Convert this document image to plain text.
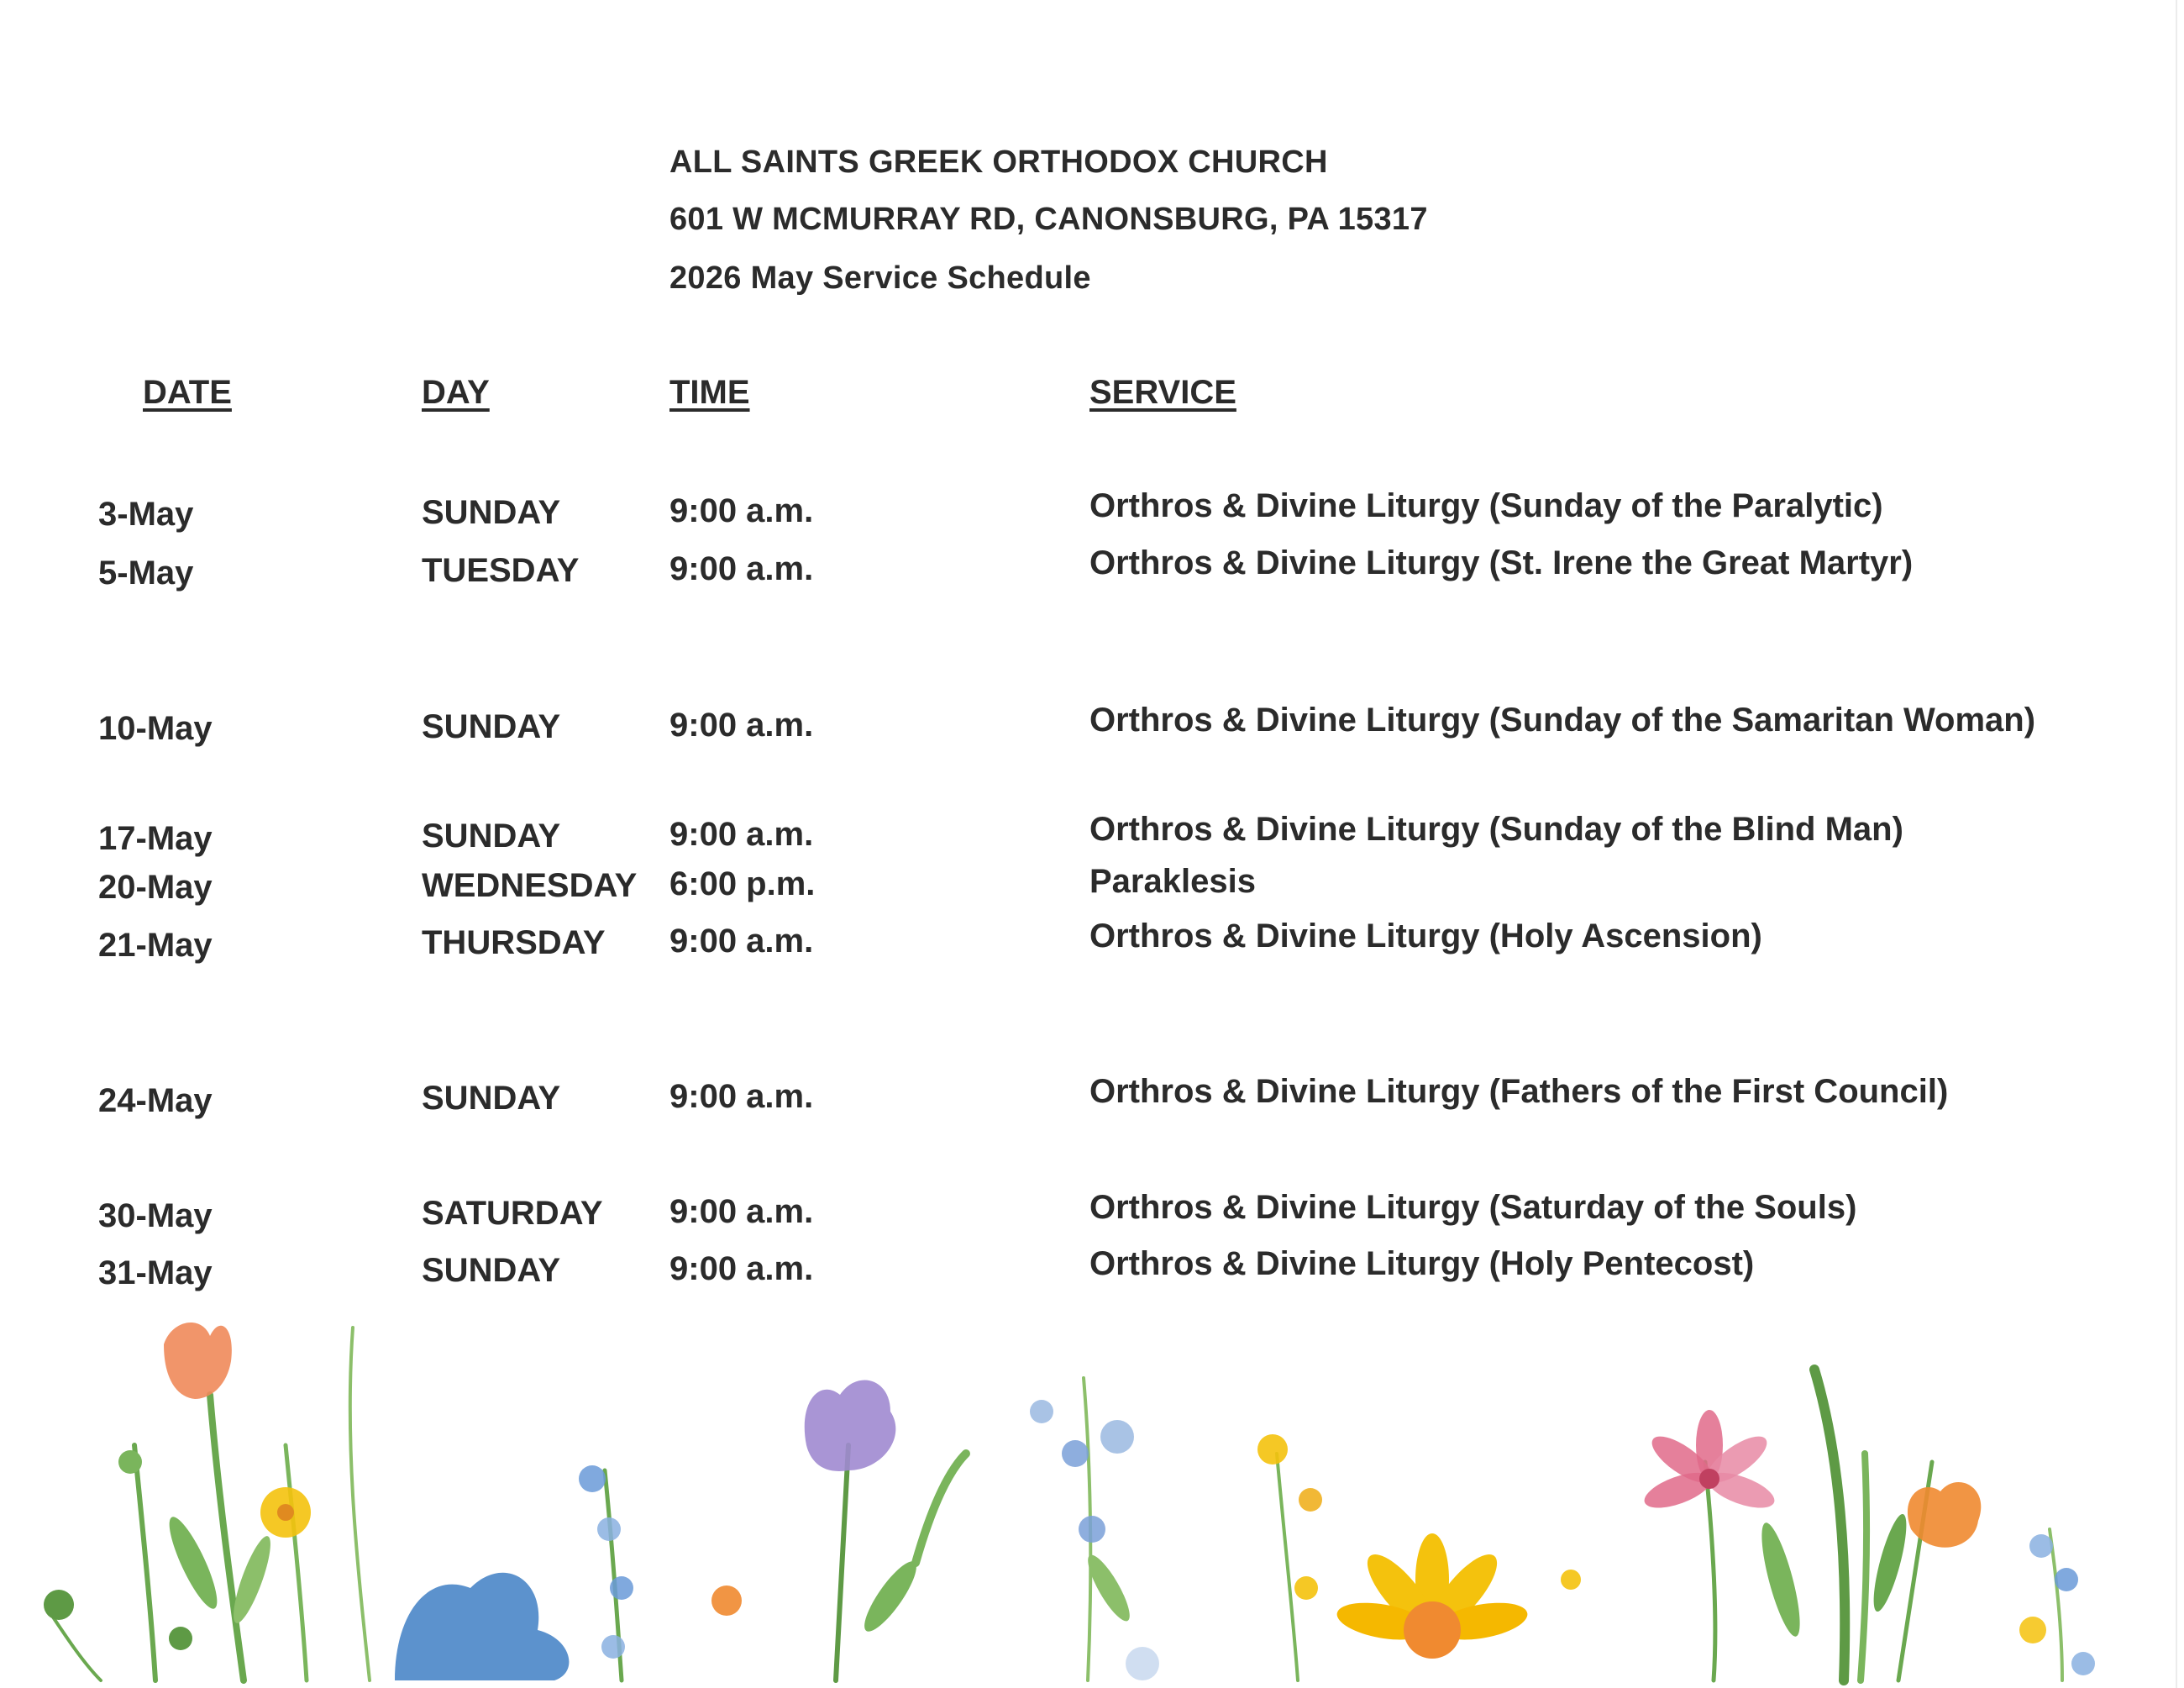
ALL SAINTS GREEK ORTHODOX CHURCH
601 W MCMURRAY RD, CANONSBURG, PA 15317
2026 May Service Schedule
DATE	DAY	TIME	SERVICE
3-May	SUNDAY	9:00 a.m.	Orthros & Divine Liturgy (Sunday of the Paralytic)
5-May	TUESDAY	9:00 a.m.	Orthros & Divine Liturgy (St. Irene the Great Martyr)
10-May	SUNDAY	9:00 a.m.	Orthros & Divine Liturgy (Sunday of the Samaritan Woman)
17-May	SUNDAY	9:00 a.m.	Orthros & Divine Liturgy (Sunday of the Blind Man)
20-May	WEDNESDAY 6:00 p.m.	Paraklesis
21-May	THURSDAY 9:00 a.m.	Orthros & Divine Liturgy (Holy Ascension)
24-May	SUNDAY	9:00 a.m.	Orthros & Divine Liturgy (Fathers of the First Council)
30-May	SATURDAY 9:00 a.m.	Orthros & Divine Liturgy (Saturday of the Souls)
31-May	SUNDAY	9:00 a.m.	Orthros & Divine Liturgy (Holy Pentecost)
